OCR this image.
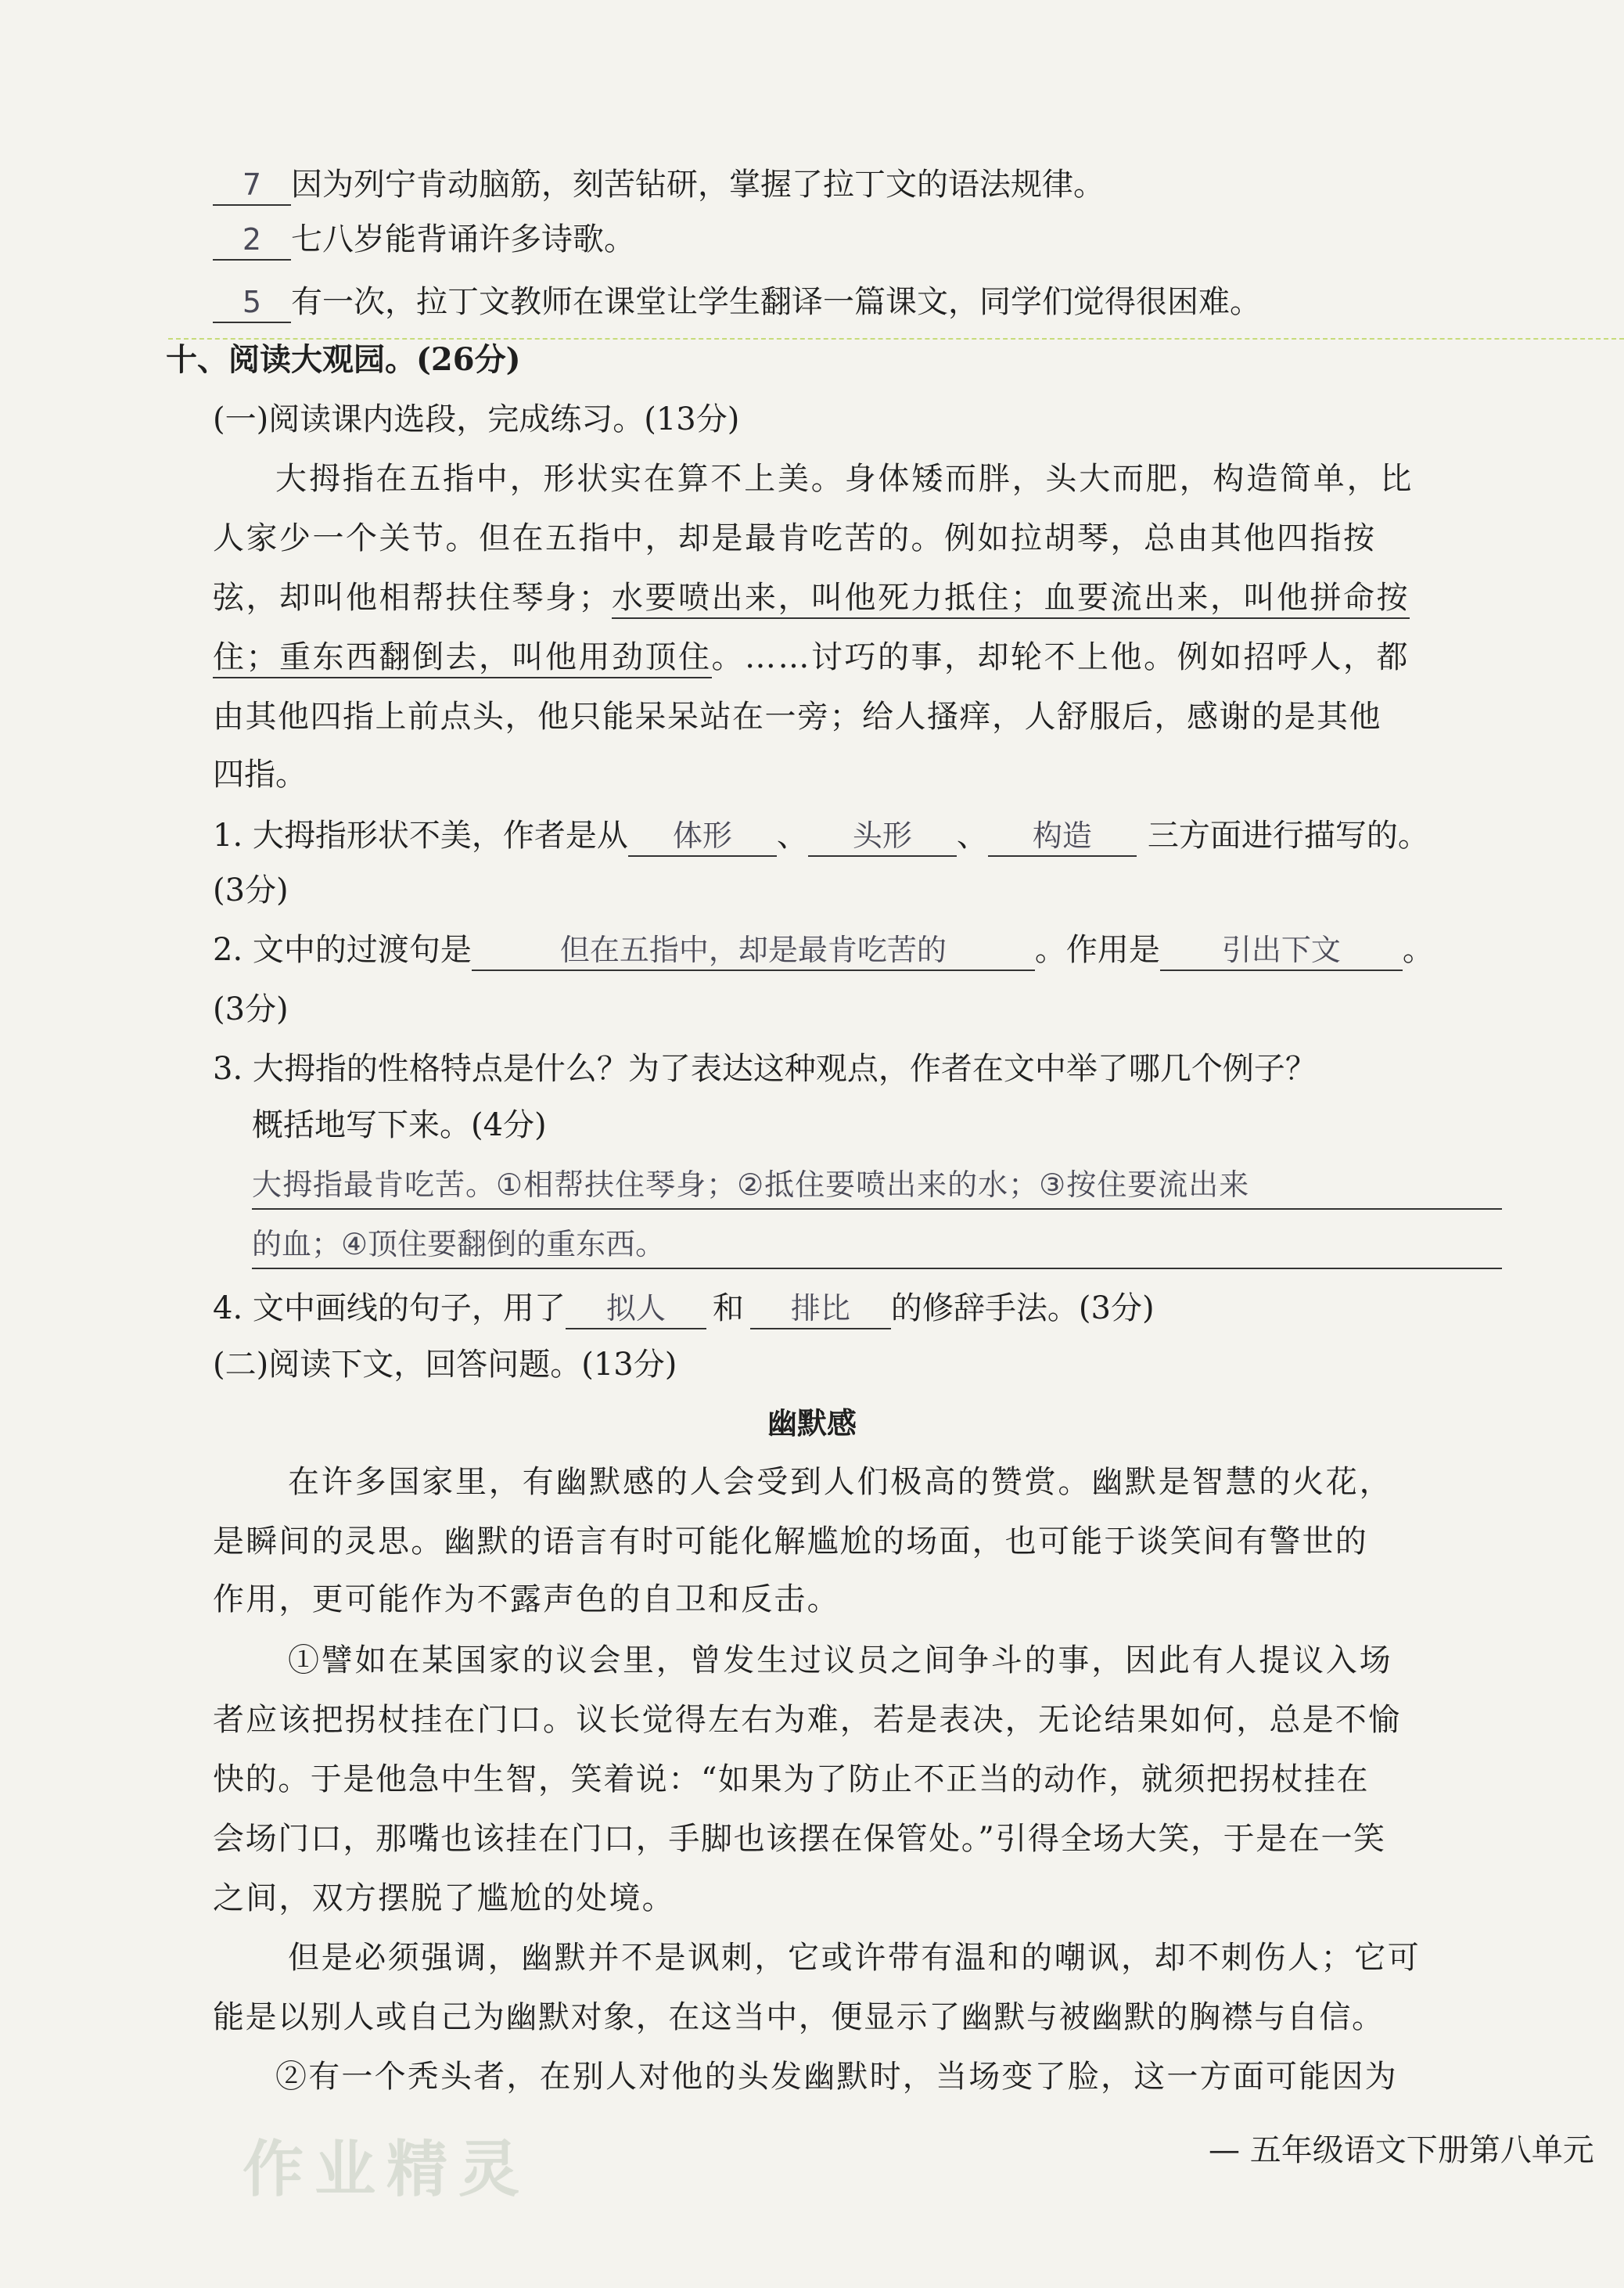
7 因为列宁肯动脑筋，刻苦钻研，掌握了拉丁文的语法规律。
2 七八岁能背诵许多诗歌。
5 有一次，拉丁文教师在课堂让学生翻译一篇课文，同学们觉得很困难。
十、阅读大观园。(26分)
(一)阅读课内选段，完成练习。(13分)
大拇指在五指中，形状实在算不上美。身体矮而胖，头大而肥，构造简单，比
人家少一个关节。但在五指中，却是最肯吃苦的。例如拉胡琴，总由其他四指按
弦，却叫他相帮扶住琴身；水要喷出来，叫他死力抵住；血要流出来，叫他拼命按
住；重东西翻倒去，叫他用劲顶住。……讨巧的事，却轮不上他。例如招呼人，都
由其他四指上前点头，他只能呆呆站在一旁；给人搔痒，人舒服后，感谢的是其他
四指。
1. 大拇指形状不美，作者是从 体形 、 头形 、 构造 三方面进行描写的。
(3分)
2. 文中的过渡句是	但在五指中，却是最肯吃苦的	。作用是 引出下文 。
(3分)
3. 大拇指的性格特点是什么？为了表达这种观点，作者在文中举了哪几个例子？
概括地写下来。(4分)
大拇指最肯吃苦。①相帮扶住琴身；②抵住要喷出来的水；③按住要流出来
的血；④顶住要翻倒的重东西。
4. 文中画线的句子，用了 拟人 和 排比 的修辞手法。(3分)
(二)阅读下文，回答问题。(13分)
幽默感
在许多国家里，有幽默感的人会受到人们极高的赞赏。幽默是智慧的火花，
是瞬间的灵思。幽默的语言有时可能化解尴尬的场面，也可能于谈笑间有警世的
作用，更可能作为不露声色的自卫和反击。
①譬如在某国家的议会里，曾发生过议员之间争斗的事，因此有人提议入场
者应该把拐杖挂在门口。议长觉得左右为难，若是表决，无论结果如何，总是不愉
快的。于是他急中生智，笑着说：“如果为了防止不正当的动作，就须把拐杖挂在
会场门口，那嘴也该挂在门口，手脚也该摆在保管处。”引得全场大笑，于是在一笑
之间，双方摆脱了尴尬的处境。
但是必须强调，幽默并不是讽刺，它或许带有温和的嘲讽，却不刺伤人；它可
能是以别人或自己为幽默对象，在这当中，便显示了幽默与被幽默的胸襟与自信。
②有一个秃头者，在别人对他的头发幽默时，当场变了脸，这一方面可能因为
作业精灵	— 五年级语文下册第八单元
